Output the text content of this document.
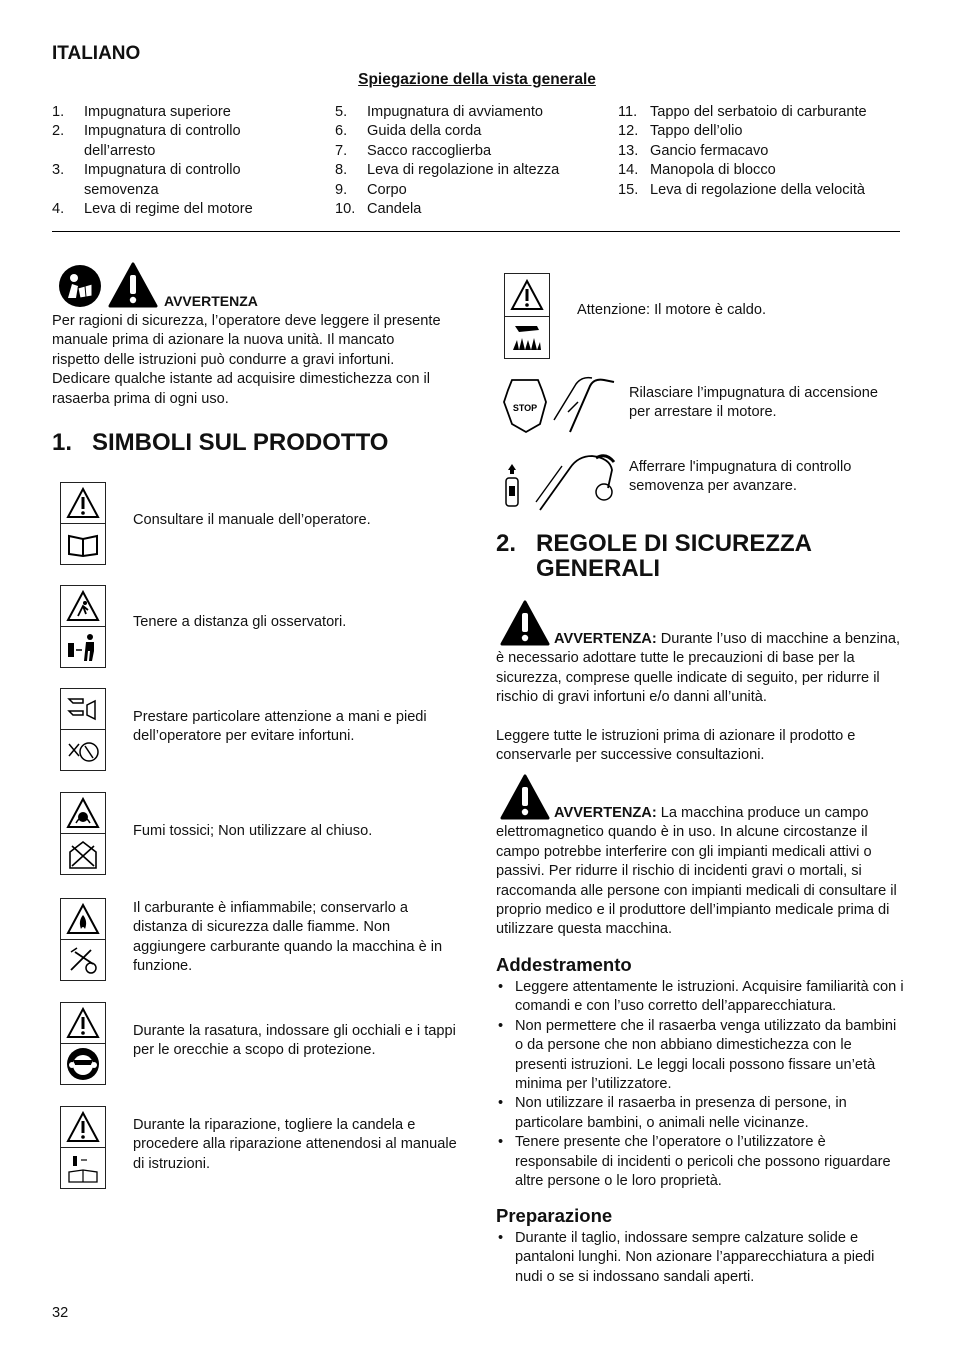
ITALIANO
Spiegazione della vista generale
1.	Impugnatura superiore
2.	Impugnatura di controllo dell’arresto
3.	Impugnatura di controllo semovenza
4.	Leva di regime del motore
5.	Impugnatura di avviamento
6.	Guida della corda
7.	Sacco raccoglierba
8.	Leva di regolazione in altezza
9.	Corpo
10. Candela
11. Tappo del serbatoio di carburante
12. Tappo dell’olio
13. Gancio fermacavo
14. Manopola di blocco
15. Leva di regolazione della velocità
AVVERTENZA
Per ragioni di sicurezza, l’operatore deve leggere il presente manuale prima di azionare la nuova unità. Il mancato rispetto delle istruzioni può condurre a gravi infortuni. Dedicare qualche istante ad acquisire dimestichezza con il rasaerba prima di ogni uso.
1. SIMBOLI SUL PRODOTTO
Consultare il manuale dell’operatore.
Tenere a distanza gli osservatori.
Prestare particolare attenzione a mani e piedi dell’operatore per evitare infortuni.
Fumi tossici; Non utilizzare al chiuso.
Il carburante è infiammabile; conservarlo a distanza di sicurezza dalle fiamme. Non aggiungere carburante quando la macchina è in funzione.
Durante la rasatura, indossare gli occhiali e i tappi per le orecchie a scopo di protezione.
Durante la riparazione, togliere la candela e procedere alla riparazione attenendosi al manuale di istruzioni.
Attenzione: Il motore è caldo.
STOP
Rilasciare l’impugnatura di accensione per arrestare il motore.
Afferrare l'impugnatura di controllo semovenza per avanzare.
2. REGOLE DI SICUREZZA GENERALI
AVVERTENZA: Durante l’uso di macchine a benzina, è necessario adottare tutte le precauzioni di base per la sicurezza, comprese quelle indicate di seguito, per ridurre il rischio di gravi infortuni e/o danni all’unità.
Leggere tutte le istruzioni prima di azionare il prodotto e conservarle per successive consultazioni.
AVVERTENZA: La macchina produce un campo elettromagnetico quando è in uso. In alcune circostanze il campo potrebbe interferire con gli impianti medicali attivi o passivi. Per ridurre il rischio di incidenti gravi o mortali, si raccomanda alle persone con impianti medicali di consultare il proprio medico e il produttore dell’impianto medicale prima di utilizzare questa macchina.
Addestramento
• Leggere attentamente le istruzioni. Acquisire familiarità con i comandi e con l’uso corretto dell’apparecchiatura.
• Non permettere che il rasaerba venga utilizzato da bambini o da persone che non abbiano dimestichezza con le presenti istruzioni. Le leggi locali possono fissare un’età minima per l’utilizzatore.
• Non utilizzare il rasaerba in presenza di persone, in particolare bambini, o animali nelle vicinanze.
• Tenere presente che l’operatore o l’utilizzatore è responsabile di incidenti o pericoli che possono riguardare altre persone o le loro proprietà.
Preparazione
• Durante il taglio, indossare sempre calzature solide e pantaloni lunghi. Non azionare l’apparecchiatura a piedi nudi o se si indossano sandali aperti.
32
